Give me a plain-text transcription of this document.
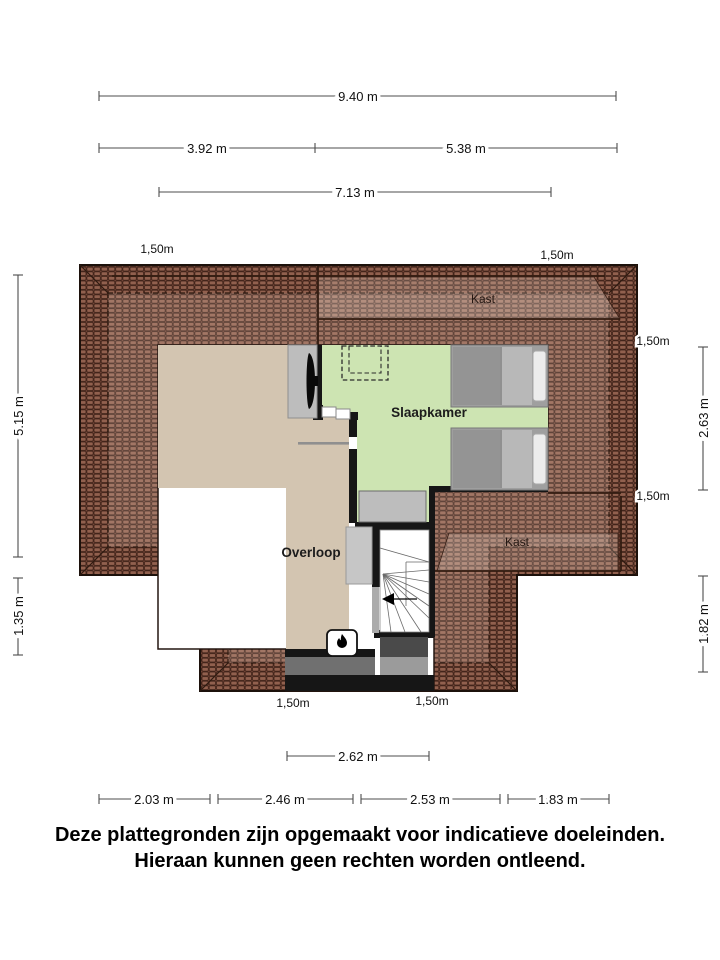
Slaapkamer
Overloop
Kast
Kast
1,50m	1,50m
1,50m
1,50m
1,50m	1,50m
9.40 m
3.92 m	5.38 m
7.13 m
5.15 m
1.35 m
2.63 m
1.82 m
2.62 m
2.03 m	2.46 m	2.53 m	1.83 m
Deze plattegronden zijn opgemaakt voor indicatieve doeleinden.
Hieraan kunnen geen rechten worden ontleend.
